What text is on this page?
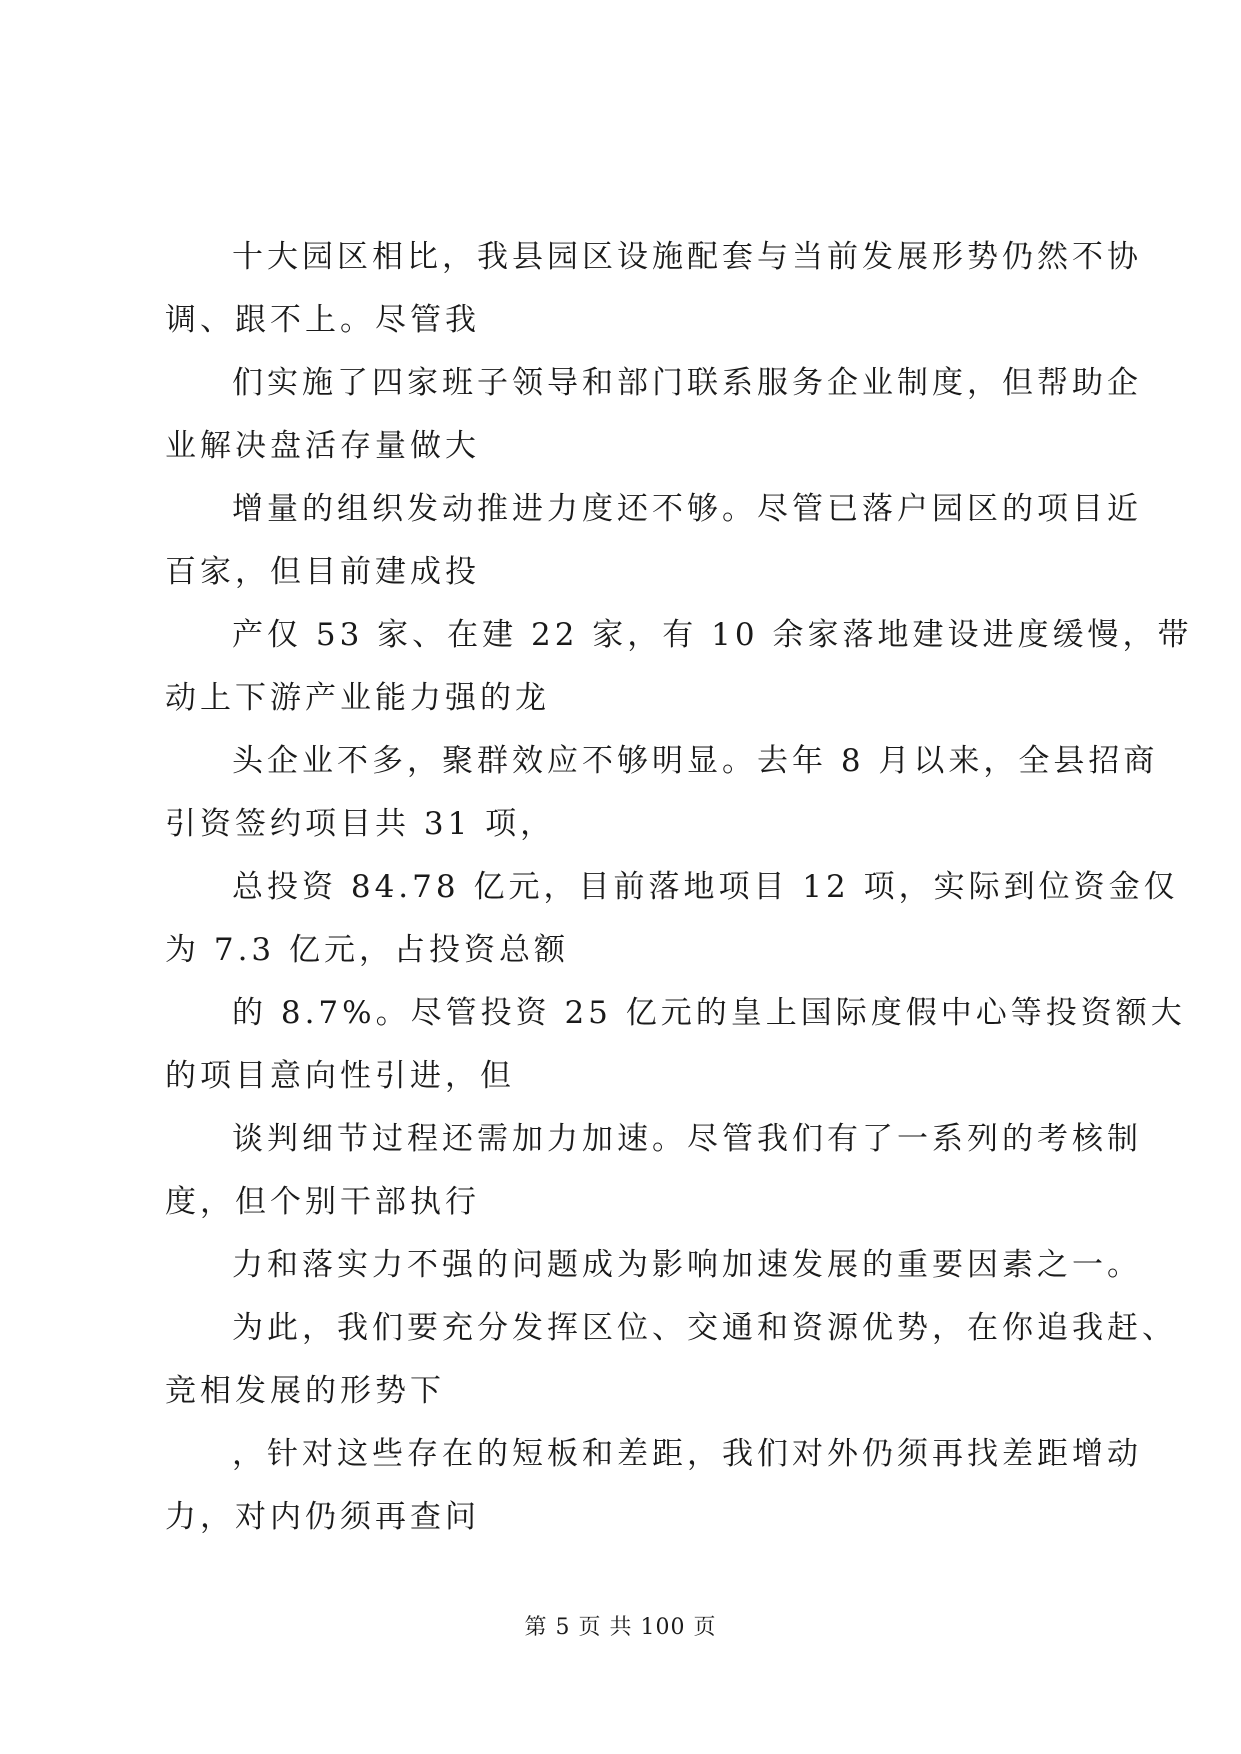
十大园区相比，我县园区设施配套与当前发展形势仍然不协
调、跟不上。尽管我
们实施了四家班子领导和部门联系服务企业制度，但帮助企
业解决盘活存量做大
增量的组织发动推进力度还不够。尽管已落户园区的项目近
百家，但目前建成投
产仅 53 家、在建 22 家，有 10 余家落地建设进度缓慢，带
动上下游产业能力强的龙
头企业不多，聚群效应不够明显。去年 8 月以来，全县招商
引资签约项目共 31 项，
总投资 84.78 亿元，目前落地项目 12 项，实际到位资金仅
为 7.3 亿元，占投资总额
的 8.7%。尽管投资 25 亿元的皇上国际度假中心等投资额大
的项目意向性引进，但
谈判细节过程还需加力加速。尽管我们有了一系列的考核制
度，但个别干部执行
力和落实力不强的问题成为影响加速发展的重要因素之一。
为此，我们要充分发挥区位、交通和资源优势，在你追我赶、
竞相发展的形势下
，针对这些存在的短板和差距，我们对外仍须再找差距增动
力，对内仍须再查问
第 5 页 共 100 页
